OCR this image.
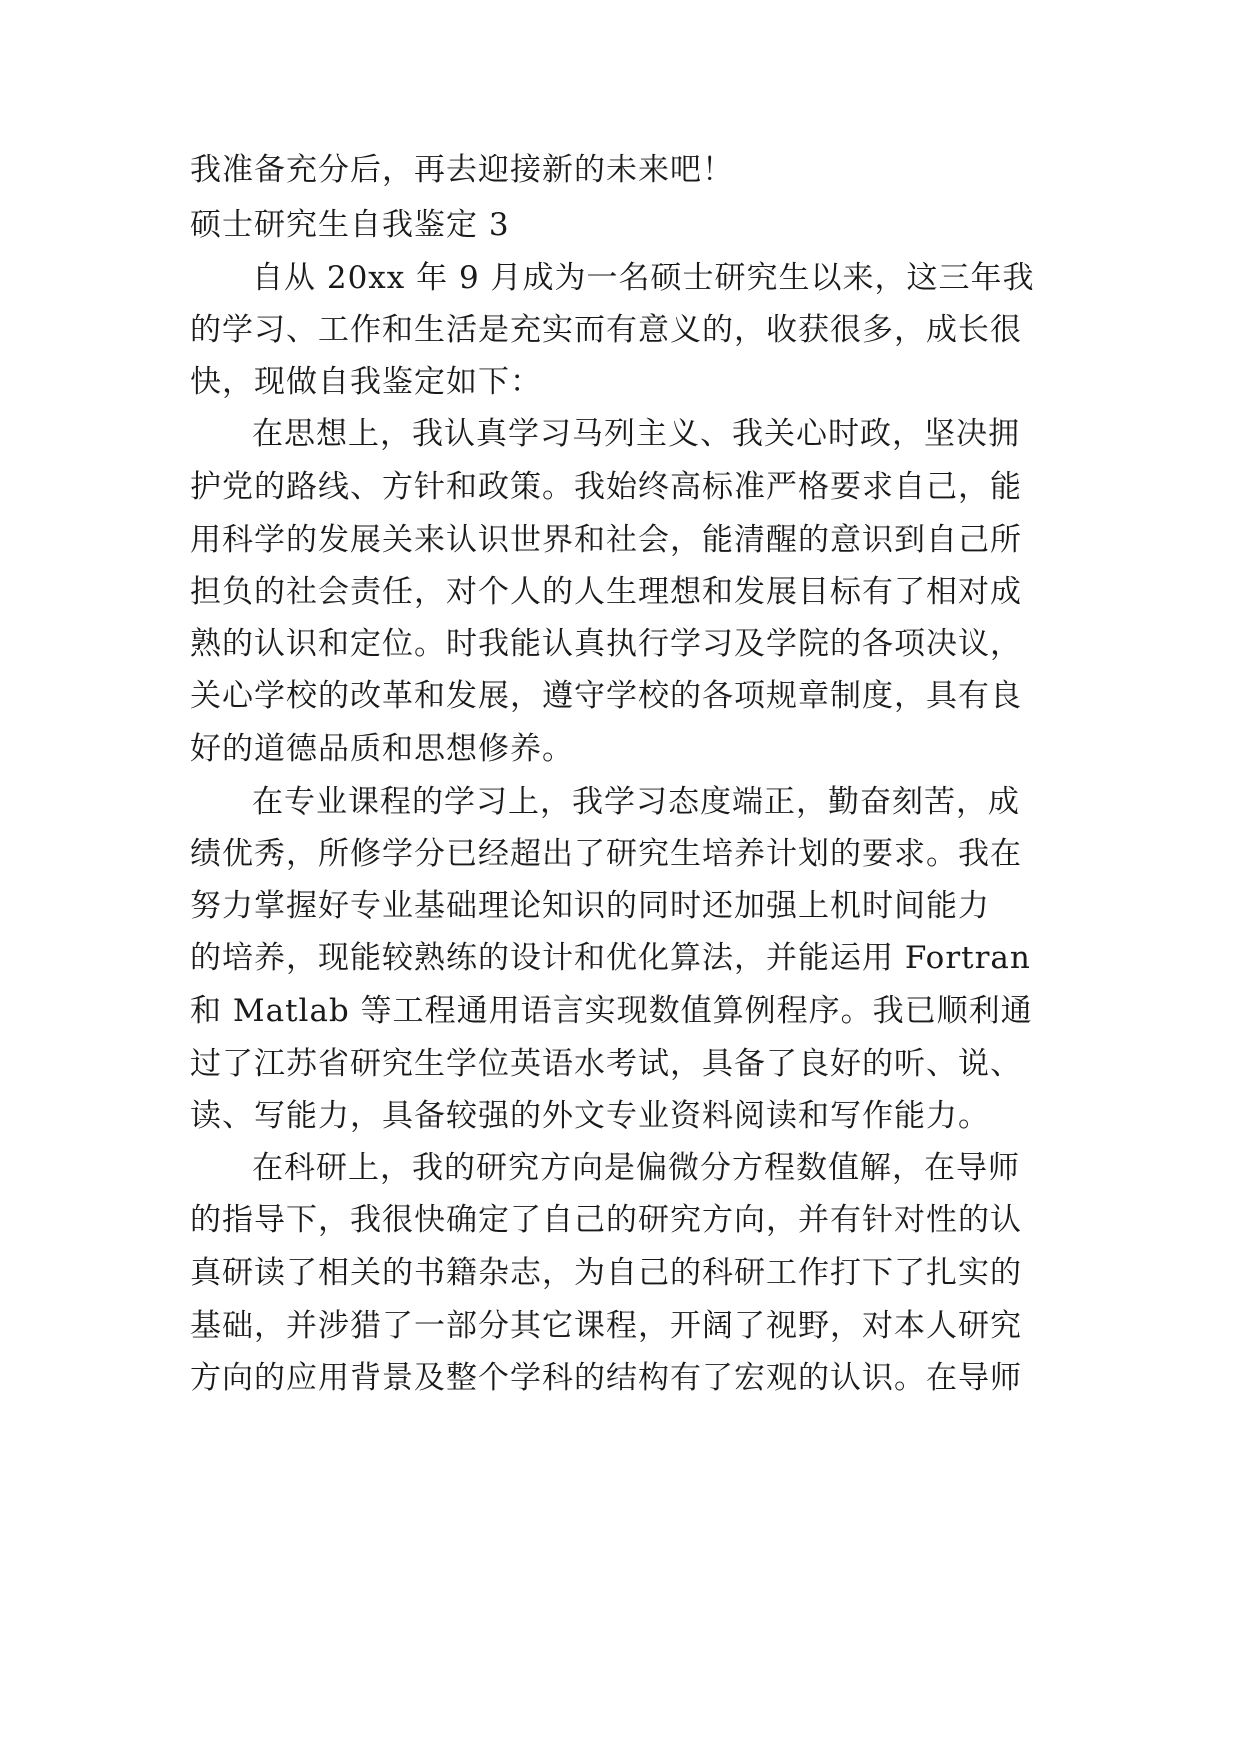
我准备充分后，再去迎接新的未来吧！
硕士研究生自我鉴定 3
自从 20xx 年 9 月成为一名硕士研究生以来，这三年我
的学习、工作和生活是充实而有意义的，收获很多，成长很
快，现做自我鉴定如下：
在思想上，我认真学习马列主义、我关心时政，坚决拥
护党的路线、方针和政策。我始终高标准严格要求自己，能
用科学的发展关来认识世界和社会，能清醒的意识到自己所
担负的社会责任，对个人的人生理想和发展目标有了相对成
熟的认识和定位。时我能认真执行学习及学院的各项决议，
关心学校的改革和发展，遵守学校的各项规章制度，具有良
好的道德品质和思想修养。
在专业课程的学习上，我学习态度端正，勤奋刻苦，成
绩优秀，所修学分已经超出了研究生培养计划的要求。我在
努力掌握好专业基础理论知识的同时还加强上机时间能力
的培养，现能较熟练的设计和优化算法，并能运用 Fortran
和 Matlab 等工程通用语言实现数值算例程序。我已顺利通
过了江苏省研究生学位英语水考试，具备了良好的听、说、
读、写能力，具备较强的外文专业资料阅读和写作能力。
在科研上，我的研究方向是偏微分方程数值解，在导师
的指导下，我很快确定了自己的研究方向，并有针对性的认
真研读了相关的书籍杂志，为自己的科研工作打下了扎实的
基础，并涉猎了一部分其它课程，开阔了视野，对本人研究
方向的应用背景及整个学科的结构有了宏观的认识。在导师
